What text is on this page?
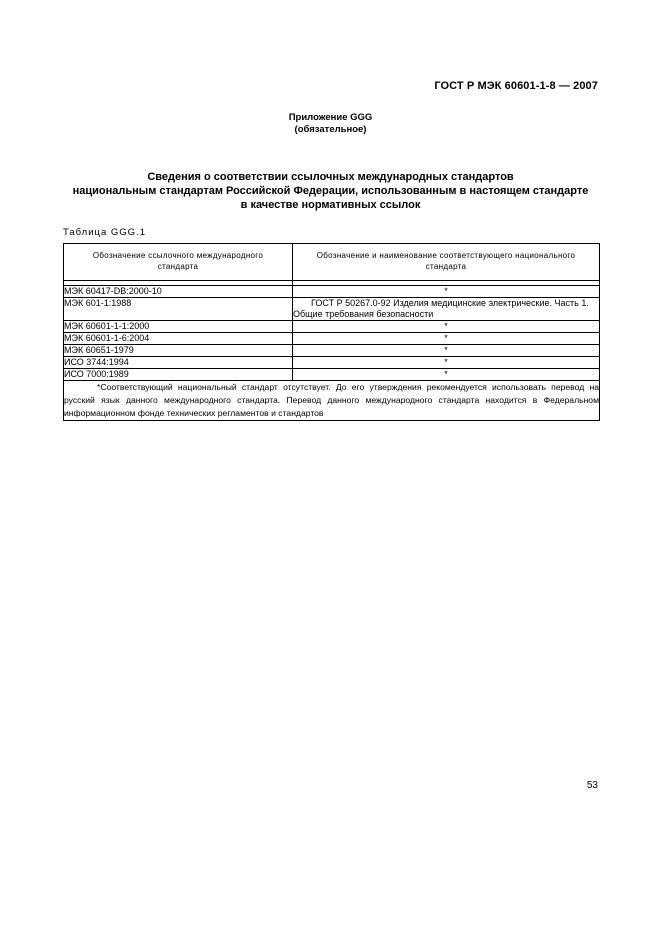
ГОСТ Р МЭК 60601-1-8 — 2007
Приложение GGG
(обязательное)
Сведения о соответствии ссылочных международных стандартов
национальным стандартам Российской Федерации, использованным в настоящем стандарте
в качестве нормативных ссылок
Таблица GGG.1
Обозначение ссылочного международного стандарта	Обозначение и наименование соответствующего национального стандарта

МЭК 60417-DB:2000-10	*
МЭК 601-1:1988	ГОСТ Р 50267.0-92 Изделия медицинские электрические. Часть 1. Общие требования безопасности
МЭК 60601-1-1:2000	*
МЭК 60601-1-6:2004	*
МЭК 60651-1979	*
ИСО 3744:1994	*
ИСО 7000:1989	*
*Соответствующий национальный стандарт отсутствует. До его утверждения рекомендуется использовать перевод на русский язык данного международного стандарта. Перевод данного международного стандарта находится в Федеральном информационном фонде технических регламентов и стандартов	
53
